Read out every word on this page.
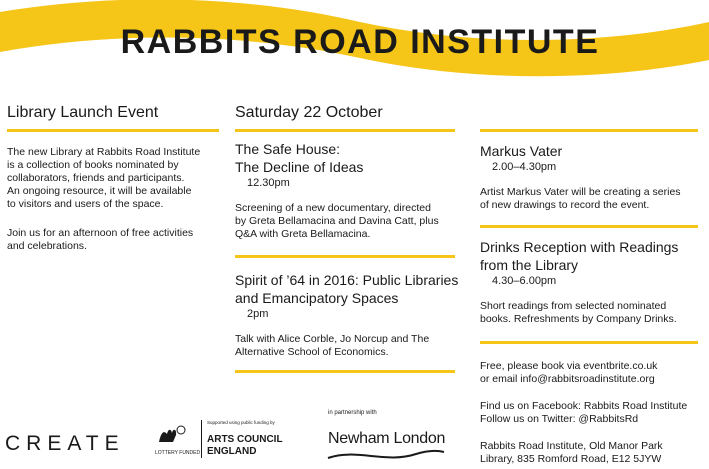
RABBITS ROAD INSTITUTE
Library Launch Event
The new Library at Rabbits Road Institute
is a collection of books nominated by
collaborators, friends and participants.
An ongoing resource, it will be available
to visitors and users of the space.
Join us for an afternoon of free activities
and celebrations.
Saturday 22 October
The Safe House:
The Decline of Ideas
12.30pm
Screening of a new documentary, directed
by Greta Bellamacina and Davina Catt, plus
Q&A with Greta Bellamacina.
Spirit of ’64 in 2016: Public Libraries
and Emancipatory Spaces
2pm
Talk with Alice Corble, Jo Norcup and The
Alternative School of Economics.
Markus Vater
2.00–4.30pm
Artist Markus Vater will be creating a series
of new drawings to record the event.
Drinks Reception with Readings
from the Library
4.30–6.00pm
Short readings from selected nominated
books. Refreshments by Company Drinks.
Free, please book via eventbrite.co.uk
or email info@rabbitsroadinstitute.org
Find us on Facebook: Rabbits Road Institute
Follow us on Twitter: @RabbitsRd
Rabbits Road Institute, Old Manor Park
Library, 835 Romford Road, E12 5JYW
CREATE	LOTTERY FUNDED
Supported using public funding by
ARTS COUNCIL
ENGLAND
in partnership with
Newham London
